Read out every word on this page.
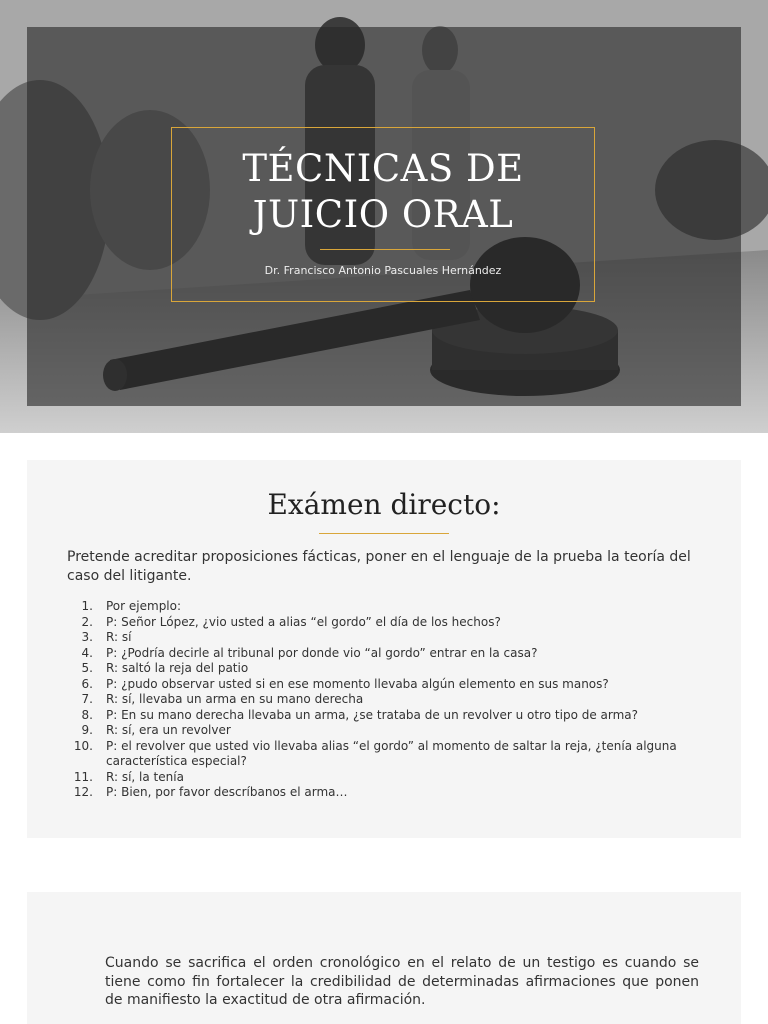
TÉCNICAS DE
JUICIO ORAL
Dr. Francisco Antonio Pascuales Hernández
Exámen directo:

Pretende acreditar proposiciones fácticas, poner en el lenguaje de la prueba la teoría del caso del litigante.

1. Por ejemplo:
2. P: Señor López, ¿vio usted a alias “el gordo” el día de los hechos?
3. R: sí
4. P: ¿Podría decirle al tribunal por donde vio “al gordo” entrar en la casa?
5. R: saltó la reja del patio
6. P: ¿pudo observar usted si en ese momento llevaba algún elemento en sus manos?
7. R: sí, llevaba un arma en su mano derecha
8. P: En su mano derecha llevaba un arma, ¿se trataba de un revolver u otro tipo de arma?
9. R: sí, era un revolver
10. P: el revolver que usted vio llevaba alias “el gordo” al momento de saltar la reja, ¿tenía alguna característica especial?
11. R: sí, la tenía
12. P: Bien, por favor descríbanos el arma…

Cuando se sacrifica el orden cronológico en el relato de un testigo es cuando se tiene como fin fortalecer la credibilidad de determinadas afirmaciones que ponen de manifiesto la exactitud de otra afirmación.
